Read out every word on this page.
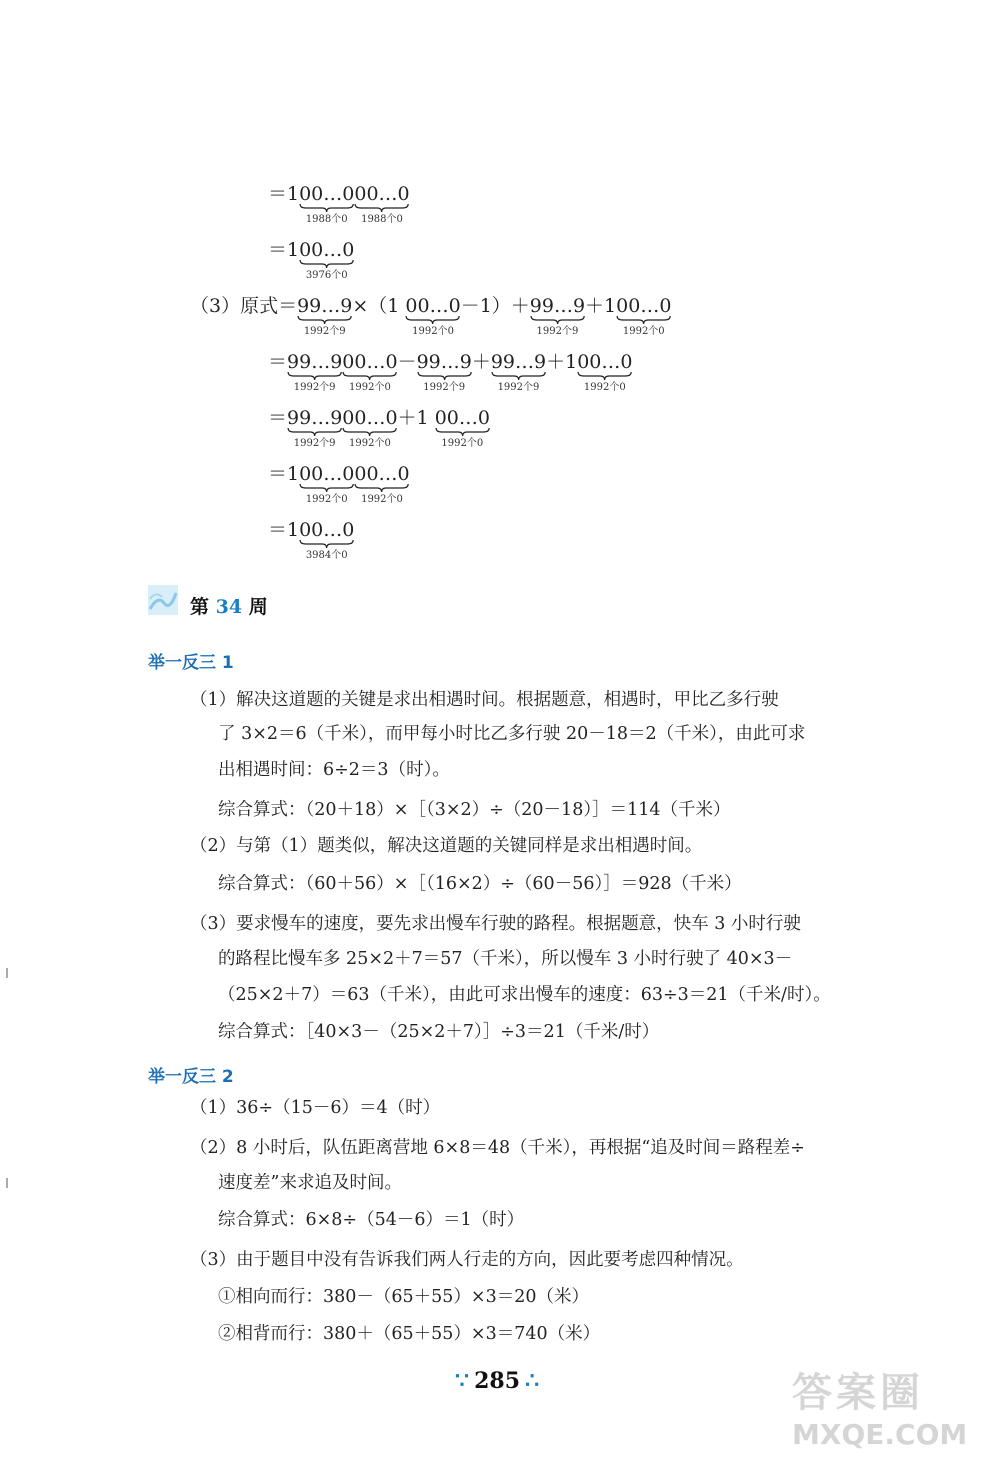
＝100…0
1988个0
00…0
1988个0
＝100…0
3976个0
（3）原式＝99…9
1992个9
×（1 00…0
1992个0
－1）＋99…9
1992个9
＋100…0
1992个0
＝99…9
1992个9
00…0
1992个0
－99…9
1992个9
＋99…9
1992个9
＋100…0
1992个0
＝99…9
1992个9
00…0
1992个0
＋1 00…0
1992个0
＝100…0
1992个0
00…0
1992个0
＝100…0
3984个0
第 34 周
举一反三 1
举一反三 2
（1）解决这道题的关键是求出相遇时间。根据题意，相遇时，甲比乙多行驶
了 3×2＝6（千米），而甲每小时比乙多行驶 20－18＝2（千米），由此可求
出相遇时间：6÷2＝3（时）。
综合算式：（20＋18）×［（3×2）÷（20－18）］＝114（千米）
（2）与第（1）题类似，解决这道题的关键同样是求出相遇时间。
综合算式：（60＋56）×［（16×2）÷（60－56）］＝928（千米）
（3）要求慢车的速度，要先求出慢车行驶的路程。根据题意，快车 3 小时行驶
的路程比慢车多 25×2＋7＝57（千米），所以慢车 3 小时行驶了 40×3－
（25×2＋7）＝63（千米），由此可求出慢车的速度：63÷3＝21（千米/时）。
综合算式：［40×3－（25×2＋7）］÷3＝21（千米/时）
（1）36÷（15－6）＝4（时）
（2）8 小时后，队伍距离营地 6×8＝48（千米），再根据“追及时间＝路程差÷
速度差”来求追及时间。
综合算式：6×8÷（54－6）＝1（时）
（3）由于题目中没有告诉我们两人行走的方向，因此要考虑四种情况。
①相向而行：380－（65＋55）×3＝20（米）
②相背而行：380＋（65＋55）×3＝740（米）
∵ 285 ∴	答案圈
MXQE.COM
